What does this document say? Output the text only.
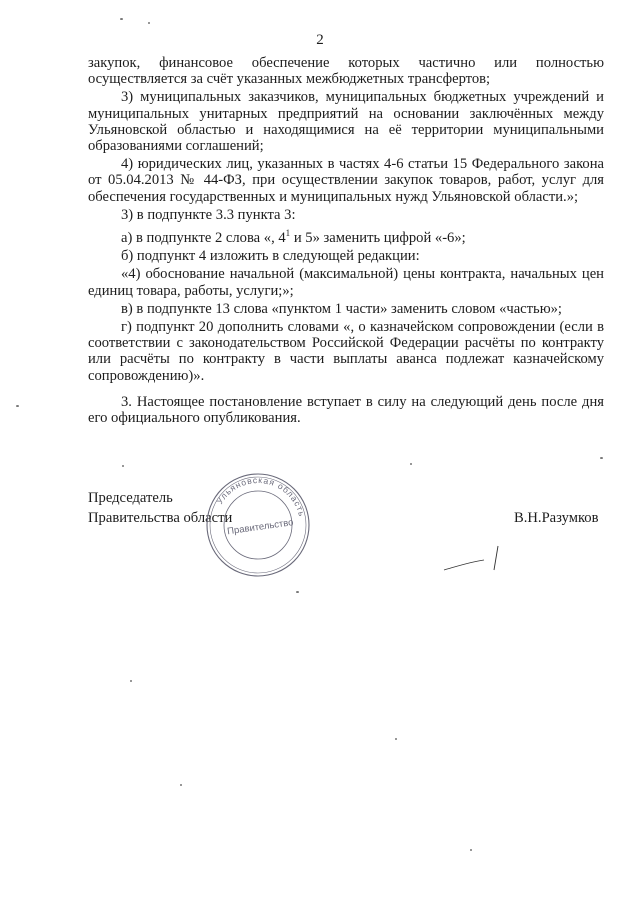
2

закупок, финансовое обеспечение которых частично или полностью осуществляется за счёт указанных межбюджетных трансфертов;

3) муниципальных заказчиков, муниципальных бюджетных учреждений и муниципальных унитарных предприятий на основании заключённых между Ульяновской областью и находящимися на её территории муниципальными образованиями соглашений;

4) юридических лиц, указанных в частях 4-6 статьи 15 Федерального закона от 05.04.2013 № 44-ФЗ, при осуществлении закупок товаров, работ, услуг для обеспечения государственных и муниципальных нужд Ульяновской области.»;

3) в подпункте 3.3 пункта 3:

а) в подпункте 2 слова «, $4^1$ и 5» заменить цифрой «-6»;

б) подпункт 4 изложить в следующей редакции:

«4) обоснование начальной (максимальной) цены контракта, начальных цен единиц товара, работы, услуги;»;

в) в подпункте 13 слова «пунктом 1 части» заменить словом «частью»;

г) подпункт 20 дополнить словами «, о казначейском сопровождении (если в соответствии с законодательством Российской Федерации расчёты по контракту или расчёты по контракту в части выплаты аванса подлежат казначейскому сопровождению)».

3. Настоящее постановление вступает в силу на следующий день после дня его официального опубликования.

Председатель
Правительства области	В.Н.Разумков
Ульяновская область
Правительство
